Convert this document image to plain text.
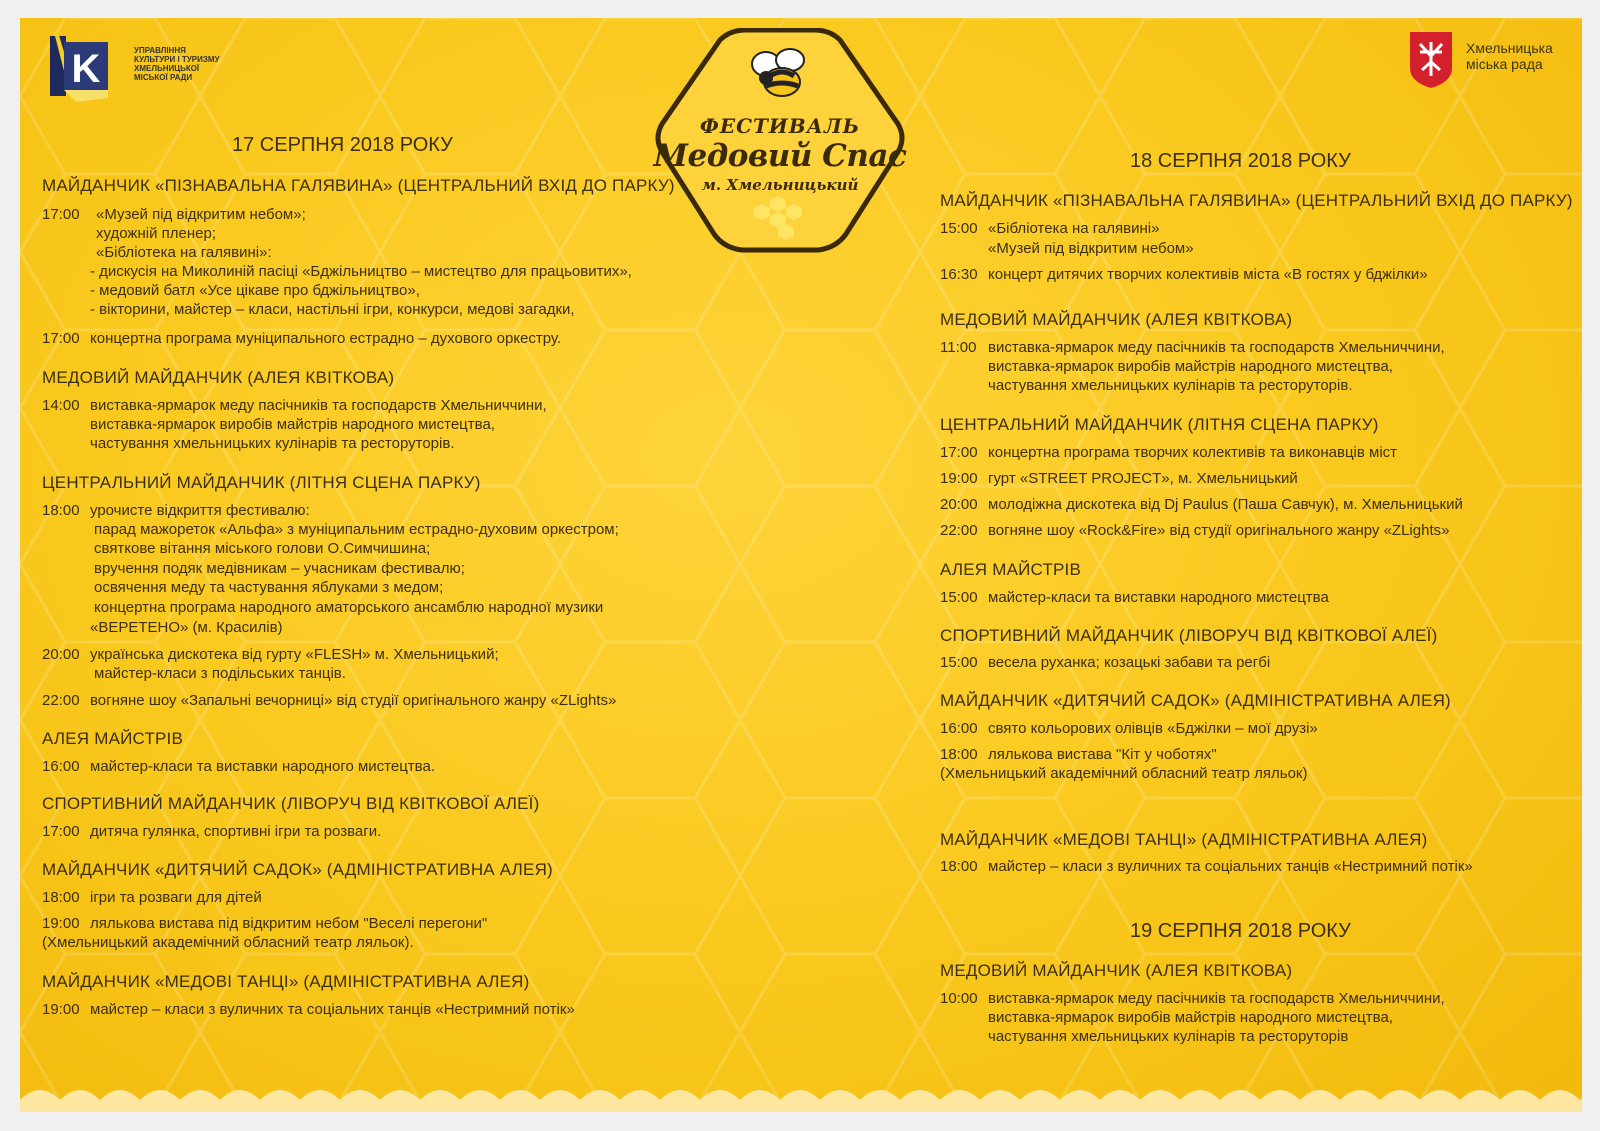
K	УПРАВЛІННЯ
КУЛЬТУРИ І ТУРИЗМУ
ХМЕЛЬНИЦЬКОЇ
МІСЬКОЇ РАДИ
Хмельницька
міська рада
ФЕСТИВАЛЬ
Медовий Спас
м. Хмельницький
17 СЕРПНЯ 2018 РОКУ
МАЙДАНЧИК «ПІЗНАВАЛЬНА ГАЛЯВИНА» (ЦЕНТРАЛЬНИЙ ВХІД ДО ПАРКУ)
17:00 «Музей під відкритим небом»;
художній пленер;
«Бібліотека на галявині»:
- дискусія на Миколиній пасіці «Бджільництво – мистецтво для працьовитих»,
- медовий батл «Усе цікаве про бджільництво»,
- вікторини, майстер – класи, настільні ігри, конкурси, медові загадки,
17:00 концертна програма муніципального естрадно – духового оркестру.
МЕДОВИЙ МАЙДАНЧИК (АЛЕЯ КВІТКОВА)
14:00 виставка-ярмарок меду пасічників та господарств Хмельниччини,
виставка-ярмарок виробів майстрів народного мистецтва,
частування хмельницьких кулінарів та ресторуторів.
ЦЕНТРАЛЬНИЙ МАЙДАНЧИК (ЛІТНЯ СЦЕНА ПАРКУ)
18:00 урочисте відкриття фестивалю:
парад мажореток «Альфа» з муніципальним естрадно-духовим оркестром;
святкове вітання міського голови О.Симчишина;
вручення подяк медівникам – учасникам фестивалю;
освячення меду та частування яблуками з медом;
концертна програма народного аматорського ансамблю народної музики
«ВЕРЕТЕНО» (м. Красилів)
20:00 українська дискотека від гурту «FLESH» м. Хмельницький;
майстер-класи з подільських танців.
22:00 вогняне шоу «Запальні вечорниці» від студії оригінального жанру «ZLights»
АЛЕЯ МАЙСТРІВ
16:00 майстер-класи та виставки народного мистецтва.
СПОРТИВНИЙ МАЙДАНЧИК (ЛІВОРУЧ ВІД КВІТКОВОЇ АЛЕЇ)
17:00 дитяча гулянка, спортивні ігри та розваги.
МАЙДАНЧИК «ДИТЯЧИЙ САДОК» (АДМІНІСТРАТИВНА АЛЕЯ)
18:00 ігри та розваги для дітей
19:00 лялькова вистава під відкритим небом "Веселі перегони"
(Хмельницький академічний обласний театр ляльок).
МАЙДАНЧИК «МЕДОВІ ТАНЦІ» (АДМІНІСТРАТИВНА АЛЕЯ)
19:00 майстер – класи з вуличних та соціальних танців «Нестримний потік»
18 СЕРПНЯ 2018 РОКУ
МАЙДАНЧИК «ПІЗНАВАЛЬНА ГАЛЯВИНА» (ЦЕНТРАЛЬНИЙ ВХІД ДО ПАРКУ)
15:00 «Бібліотека на галявині»
«Музей під відкритим небом»
16:30 концерт дитячих творчих колективів міста «В гостях у бджілки»
МЕДОВИЙ МАЙДАНЧИК (АЛЕЯ КВІТКОВА)
11:00 виставка-ярмарок меду пасічників та господарств Хмельниччини,
виставка-ярмарок виробів майстрів народного мистецтва,
частування хмельницьких кулінарів та ресторуторів.
ЦЕНТРАЛЬНИЙ МАЙДАНЧИК (ЛІТНЯ СЦЕНА ПАРКУ)
17:00 концертна програма творчих колективів та виконавців міст
19:00 гурт «STREET PROJECT», м. Хмельницький
20:00 молодіжна дискотека від Dj Paulus (Паша Савчук), м. Хмельницький
22:00 вогняне шоу «Rock&Fire» від студії оригінального жанру «ZLights»
АЛЕЯ МАЙСТРІВ
15:00 майстер-класи та виставки народного мистецтва
СПОРТИВНИЙ МАЙДАНЧИК (ЛІВОРУЧ ВІД КВІТКОВОЇ АЛЕЇ)
15:00 весела руханка; козацькі забави та регбі
МАЙДАНЧИК «ДИТЯЧИЙ САДОК» (АДМІНІСТРАТИВНА АЛЕЯ)
16:00 свято кольорових олівців «Бджілки – мої друзі»
18:00 лялькова вистава "Кіт у чоботях"
(Хмельницький академічний обласний театр ляльок)
МАЙДАНЧИК «МЕДОВІ ТАНЦІ» (АДМІНІСТРАТИВНА АЛЕЯ)
18:00 майстер – класи з вуличних та соціальних танців «Нестримний потік»
19 СЕРПНЯ 2018 РОКУ
МЕДОВИЙ МАЙДАНЧИК (АЛЕЯ КВІТКОВА)
10:00 виставка-ярмарок меду пасічників та господарств Хмельниччини,
виставка-ярмарок виробів майстрів народного мистецтва,
частування хмельницьких кулінарів та ресторуторів
